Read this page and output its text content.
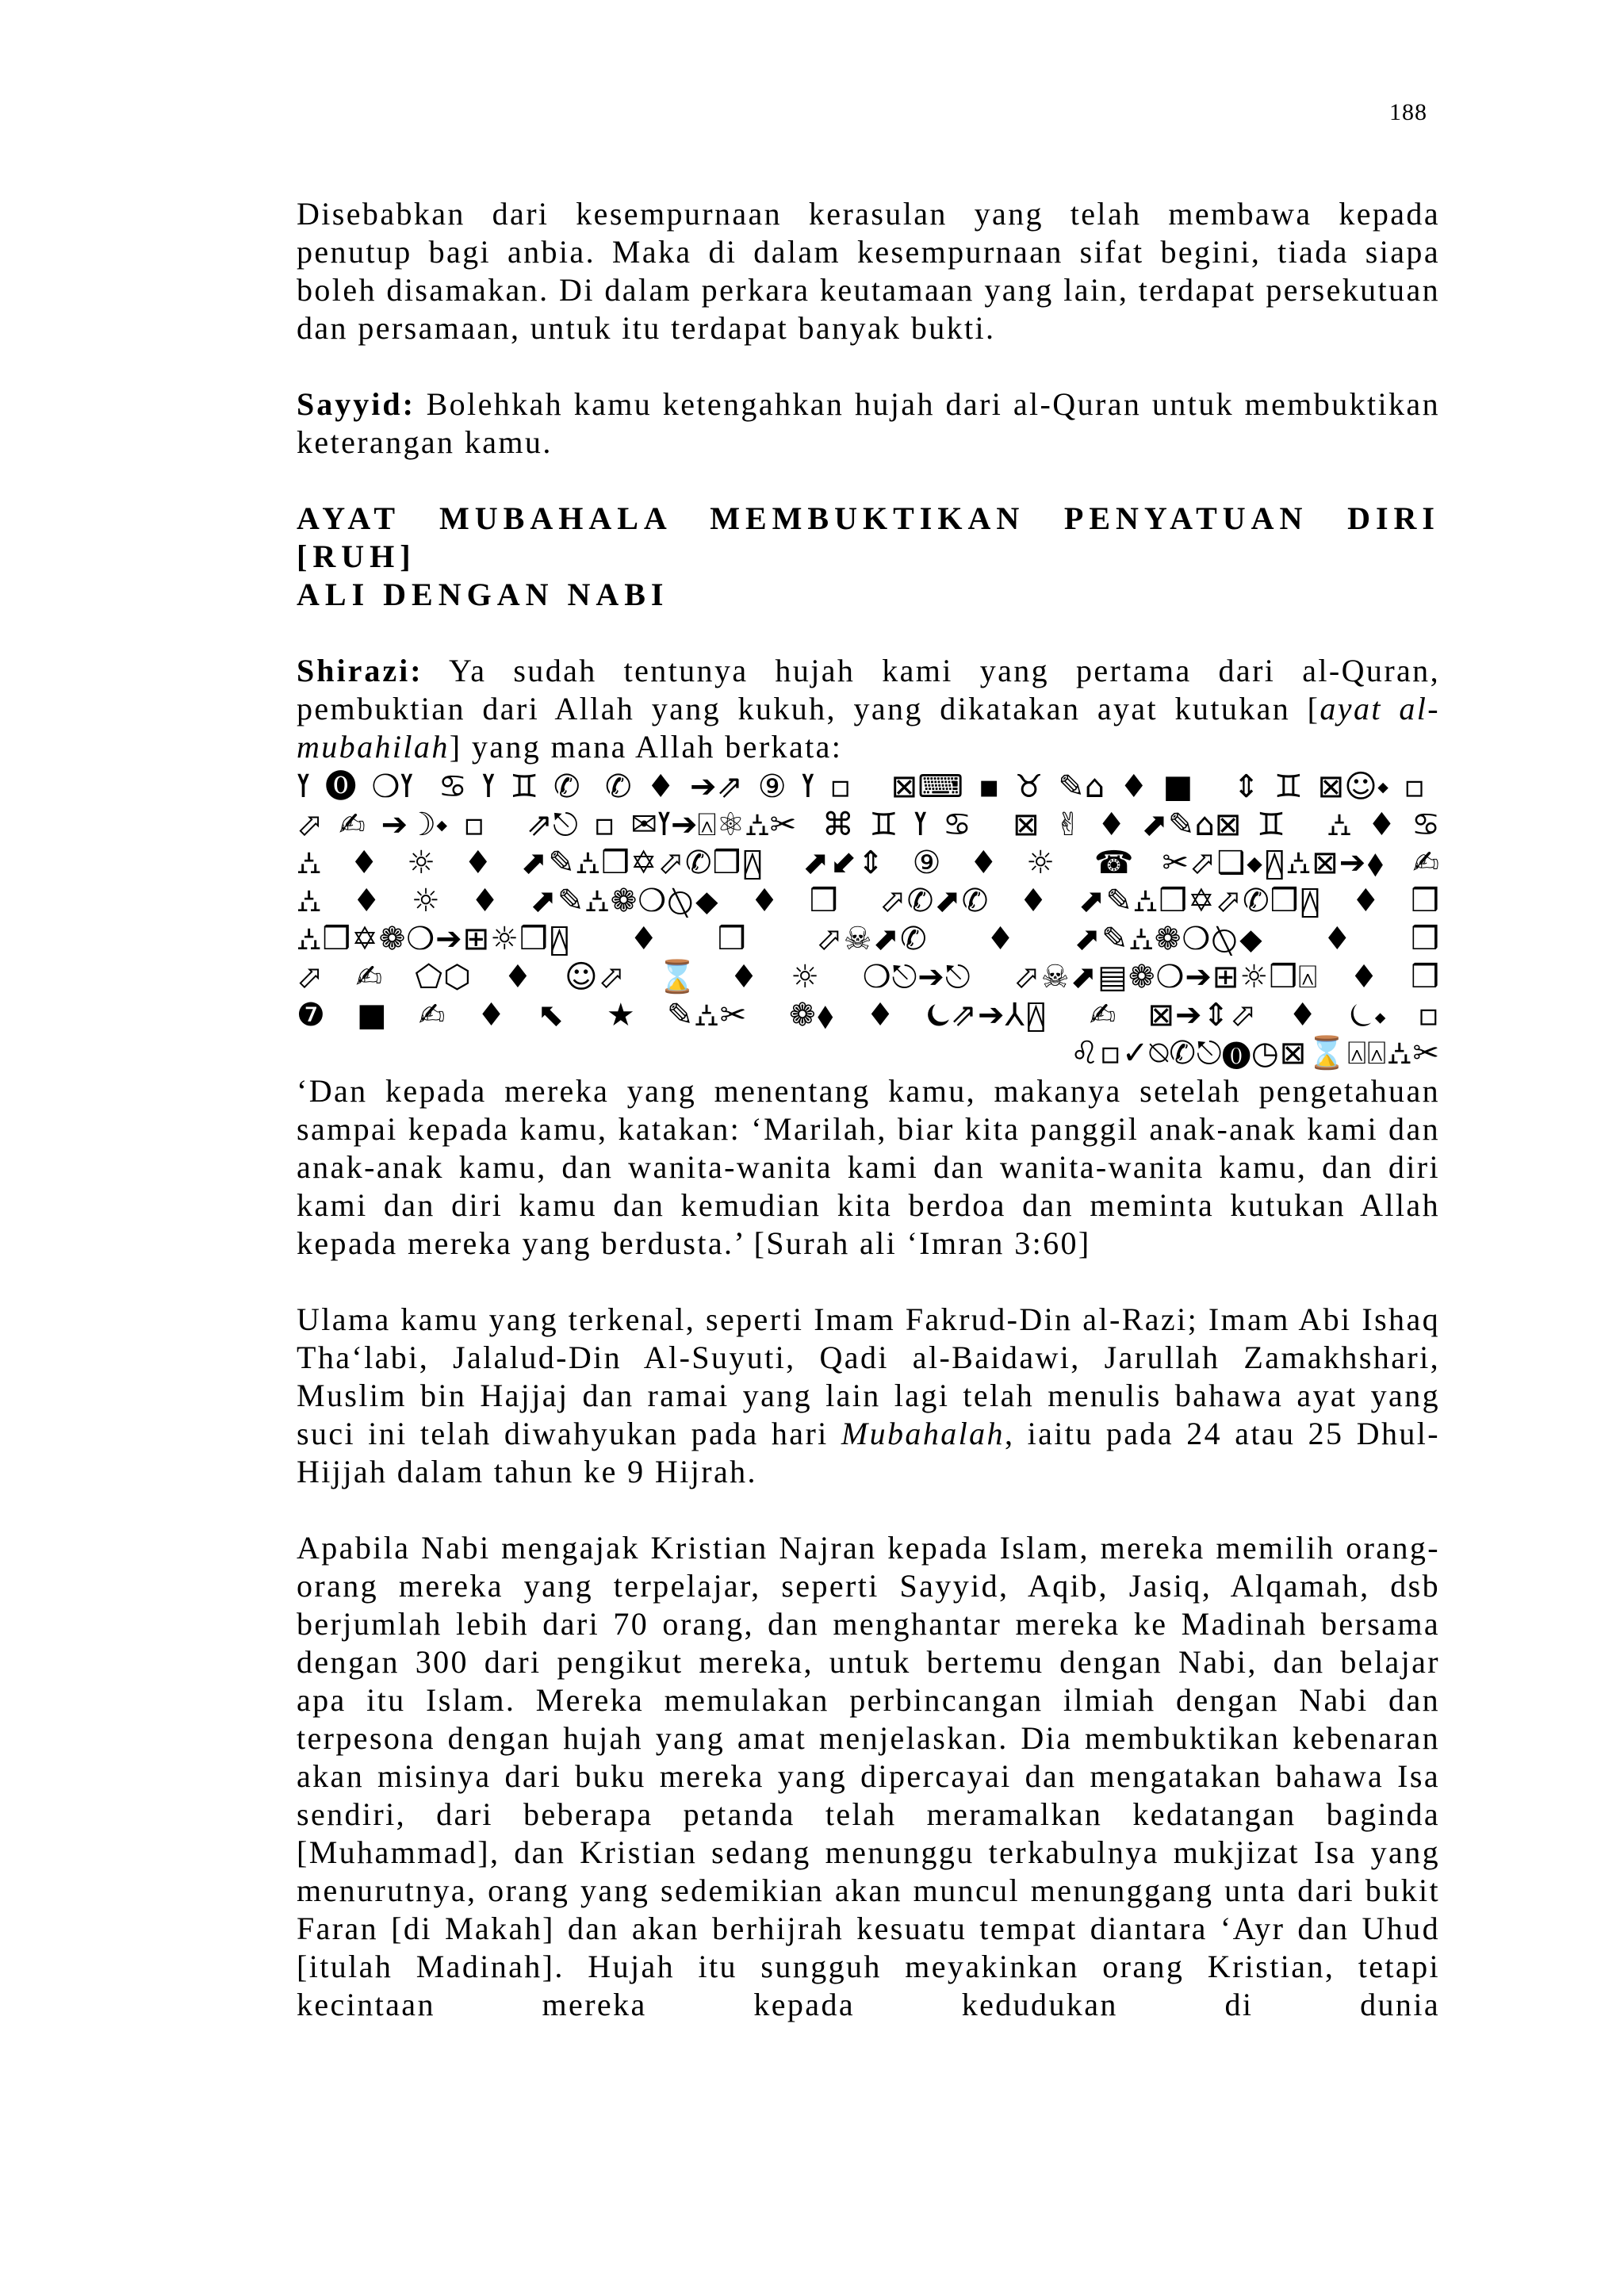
188

Disebabkan dari kesempurnaan kerasulan yang telah membawa kepada penutup bagi anbia. Maka di dalam kesempurnaan sifat begini, tiada siapa boleh disamakan. Di dalam perkara keutamaan yang lain, terdapat persekutuan dan persamaan, untuk itu terdapat banyak bukti.

Sayyid: Bolehkah kamu ketengahkan hujah dari al-Quran untuk membuktikan keterangan kamu.

AYAT MUBAHALA MEMBUKTIKAN PENYATUAN DIRI [RUH]
ALI DENGAN NABI

Shirazi: Ya sudah tentunya hujah kami yang pertama dari al-Quran, pembuktian dari Allah yang kukuh, yang dikatakan ayat kutukan [ayat al-mubahilah] yang mana Allah berkata:

ߌ⑨⇗➔♦✆ ✆♊ߌ♋ ߌ❍⓿ߌ▫ ⊠⌨▪♉✎⌂♦■ ⇕♊⊠☺⬩▫
⬀✍➔☽⬩▫ ⇗⎋▫✉ߌ➔⍓⚛⛼✂ ⌘♊ߌ♋ ⊠✌♦⬈✎⌂⊠♊ ⛼♦♋
⛼♦☼♦⬈✎⛼❒✡⬀✆❒⍓ ⬈⬋⇕⑨♦☼ ☎✂⬀❑⬩⍓⛼⊠➔⬧✍
⛼♦☼♦⬈✎⛼❁❍⍉⬥♦❒ ⬀✆⬈✆♦⬈✎⛼❒✡⬀✆❒⍓♦❒
⛼❒✡❁❍➔⊞☼❒⍓♦❒ ⬀☠⬈✆♦⬈✎⛼❁❍⍉⬥♦❒
⬀✍⬠⬡♦☺⬀⌛♦☼ ❍⎋➔⎋ ⬀☠⬈▤❁❍➔⊞☼❒⍓♦❒
❼■✍♦⬉ ★✎⛼✂ ❁⬧♦⏾⇗➔⅄⍓ ✍⊠➔⇕⬀♦⏾⬩▫
♌▫✓⍉✆⎋⓿◷⊠⌛⍓⍓⛼✂

‘Dan kepada mereka yang menentang kamu, makanya setelah pengetahuan sampai kepada kamu, katakan: ‘Marilah, biar kita panggil anak-anak kami dan anak-anak kamu, dan wanita-wanita kami dan wanita-wanita kamu, dan diri kami dan diri kamu dan kemudian kita berdoa dan meminta kutukan Allah kepada mereka yang berdusta.’ [Surah ali ‘Imran 3:60]

Ulama kamu yang terkenal, seperti Imam Fakrud-Din al-Razi; Imam Abi Ishaq Tha‘labi, Jalalud-Din Al-Suyuti, Qadi al-Baidawi, Jarullah Zamakhshari, Muslim bin Hajjaj dan ramai yang lain lagi telah menulis bahawa ayat yang suci ini telah diwahyukan pada hari Mubahalah, iaitu pada 24 atau 25 Dhul-Hijjah dalam tahun ke 9 Hijrah.

Apabila Nabi mengajak Kristian Najran kepada Islam, mereka memilih orang-orang mereka yang terpelajar, seperti Sayyid, Aqib, Jasiq, Alqamah, dsb berjumlah lebih dari 70 orang, dan menghantar mereka ke Madinah bersama dengan 300 dari pengikut mereka, untuk bertemu dengan Nabi, dan belajar apa itu Islam. Mereka memulakan perbincangan ilmiah dengan Nabi dan terpesona dengan hujah yang amat menjelaskan. Dia membuktikan kebenaran akan misinya dari buku mereka yang dipercayai dan mengatakan bahawa Isa sendiri, dari beberapa petanda telah meramalkan kedatangan baginda [Muhammad], dan Kristian sedang menunggu terkabulnya mukjizat Isa yang menurutnya, orang yang sedemikian akan muncul menunggang unta dari bukit Faran [di Makah] dan akan berhijrah kesuatu tempat diantara ‘Ayr dan Uhud [itulah Madinah]. Hujah itu sungguh meyakinkan orang Kristian, tetapi kecintaan mereka kepada kedudukan di dunia
